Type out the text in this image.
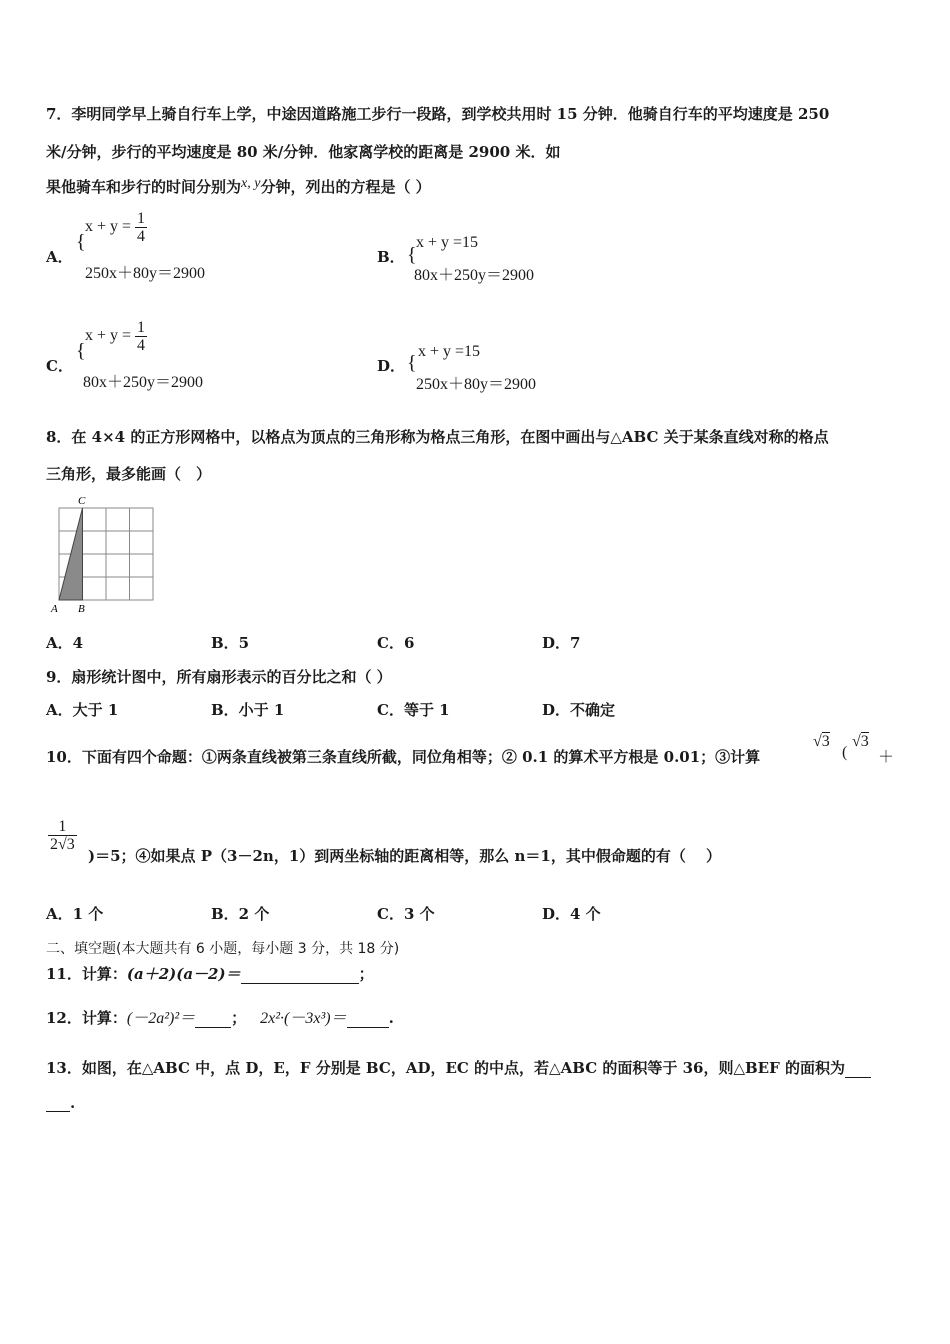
7．李明同学早上骑自行车上学，中途因道路施工步行一段路，到学校共用时 15 分钟．他骑自行车的平均速度是 250
米/分钟，步行的平均速度是 80 米/分钟．他家离学校的距离是 2900 米．如
果他骑车和步行的时间分别为x, y分钟，列出的方程是（ ）
A．
{
$x + y = \frac{1}{4}$
250x＋80y＝2900
B． {
x + y =15
80x＋250y＝2900
C．
{
$x + y = \frac{1}{4}$
80x＋250y＝2900
D． {
x + y =15
250x＋80y＝2900
8．在 4×4 的正方形网格中，以格点为顶点的三角形称为格点三角形，在图中画出与△ABC 关于某条直线对称的格点
三角形，最多能画（　）
A B
C
A．4	B．5	C．6	D．7
9．扇形统计图中，所有扇形表示的百分比之和（ ）
A．大于 1	B．小于 1	C．等于 1	D．不确定
10．下面有四个命题：①两条直线被第三条直线所截，同位角相等；② 0.1 的算术平方根是 0.01；③计算
√3
(
√3
＋
$\frac{1}{2√3}$
)＝5；④如果点 P（3－2n，1）到两坐标轴的距离相等，那么 n＝1，其中假命题的有（　 ）
A．1 个	B．2 个	C．3 个	D．4 个
二、填空题(本大题共有 6 小题，每小题 3 分，共 18 分)
11．计算：(a＋2)(a－2)＝	；
12．计算：(－2a²)²＝ ； 2x²·(－3x³)＝	.
13．如图，在△ABC 中，点 D，E，F 分别是 BC，AD，EC 的中点，若△ABC 的面积等于 36，则△BEF 的面积为
.
